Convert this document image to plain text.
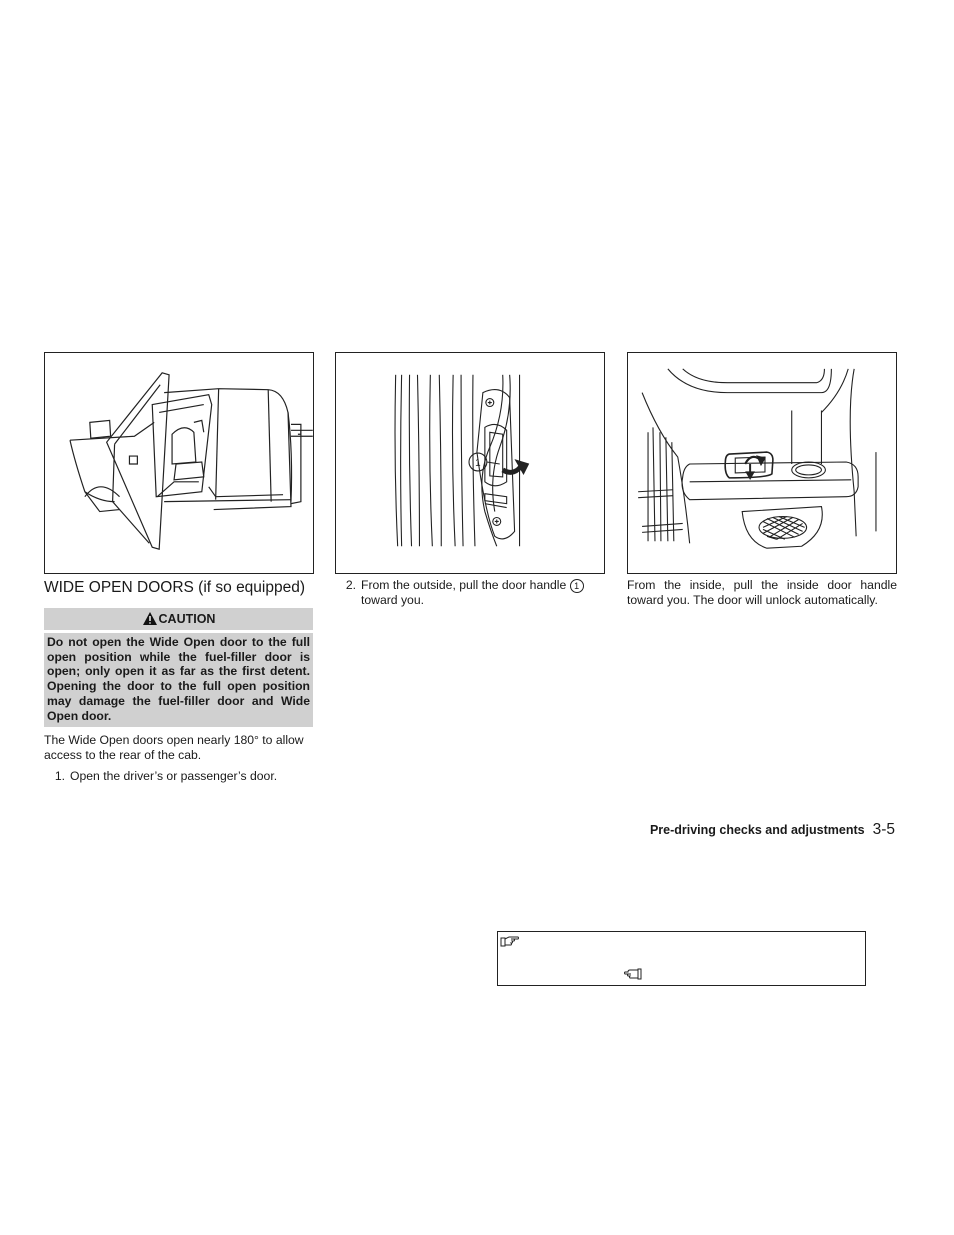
1
WIDE OPEN DOORS (if so equipped)
CAUTION
Do not open the Wide Open door to the full open position while the fuel-filler door is open; only open it as far as the first detent. Opening the door to the full open position may damage the fuel-filler door and Wide Open door.
The Wide Open doors open nearly 180° to allow access to the rear of the cab.
1. Open the driver’s or passenger’s door.
2. From the outside, pull the door handle 1
toward you.
From the inside, pull the inside door handle toward you. The door will unlock automatically.
Pre-driving checks and adjustments 3-5
